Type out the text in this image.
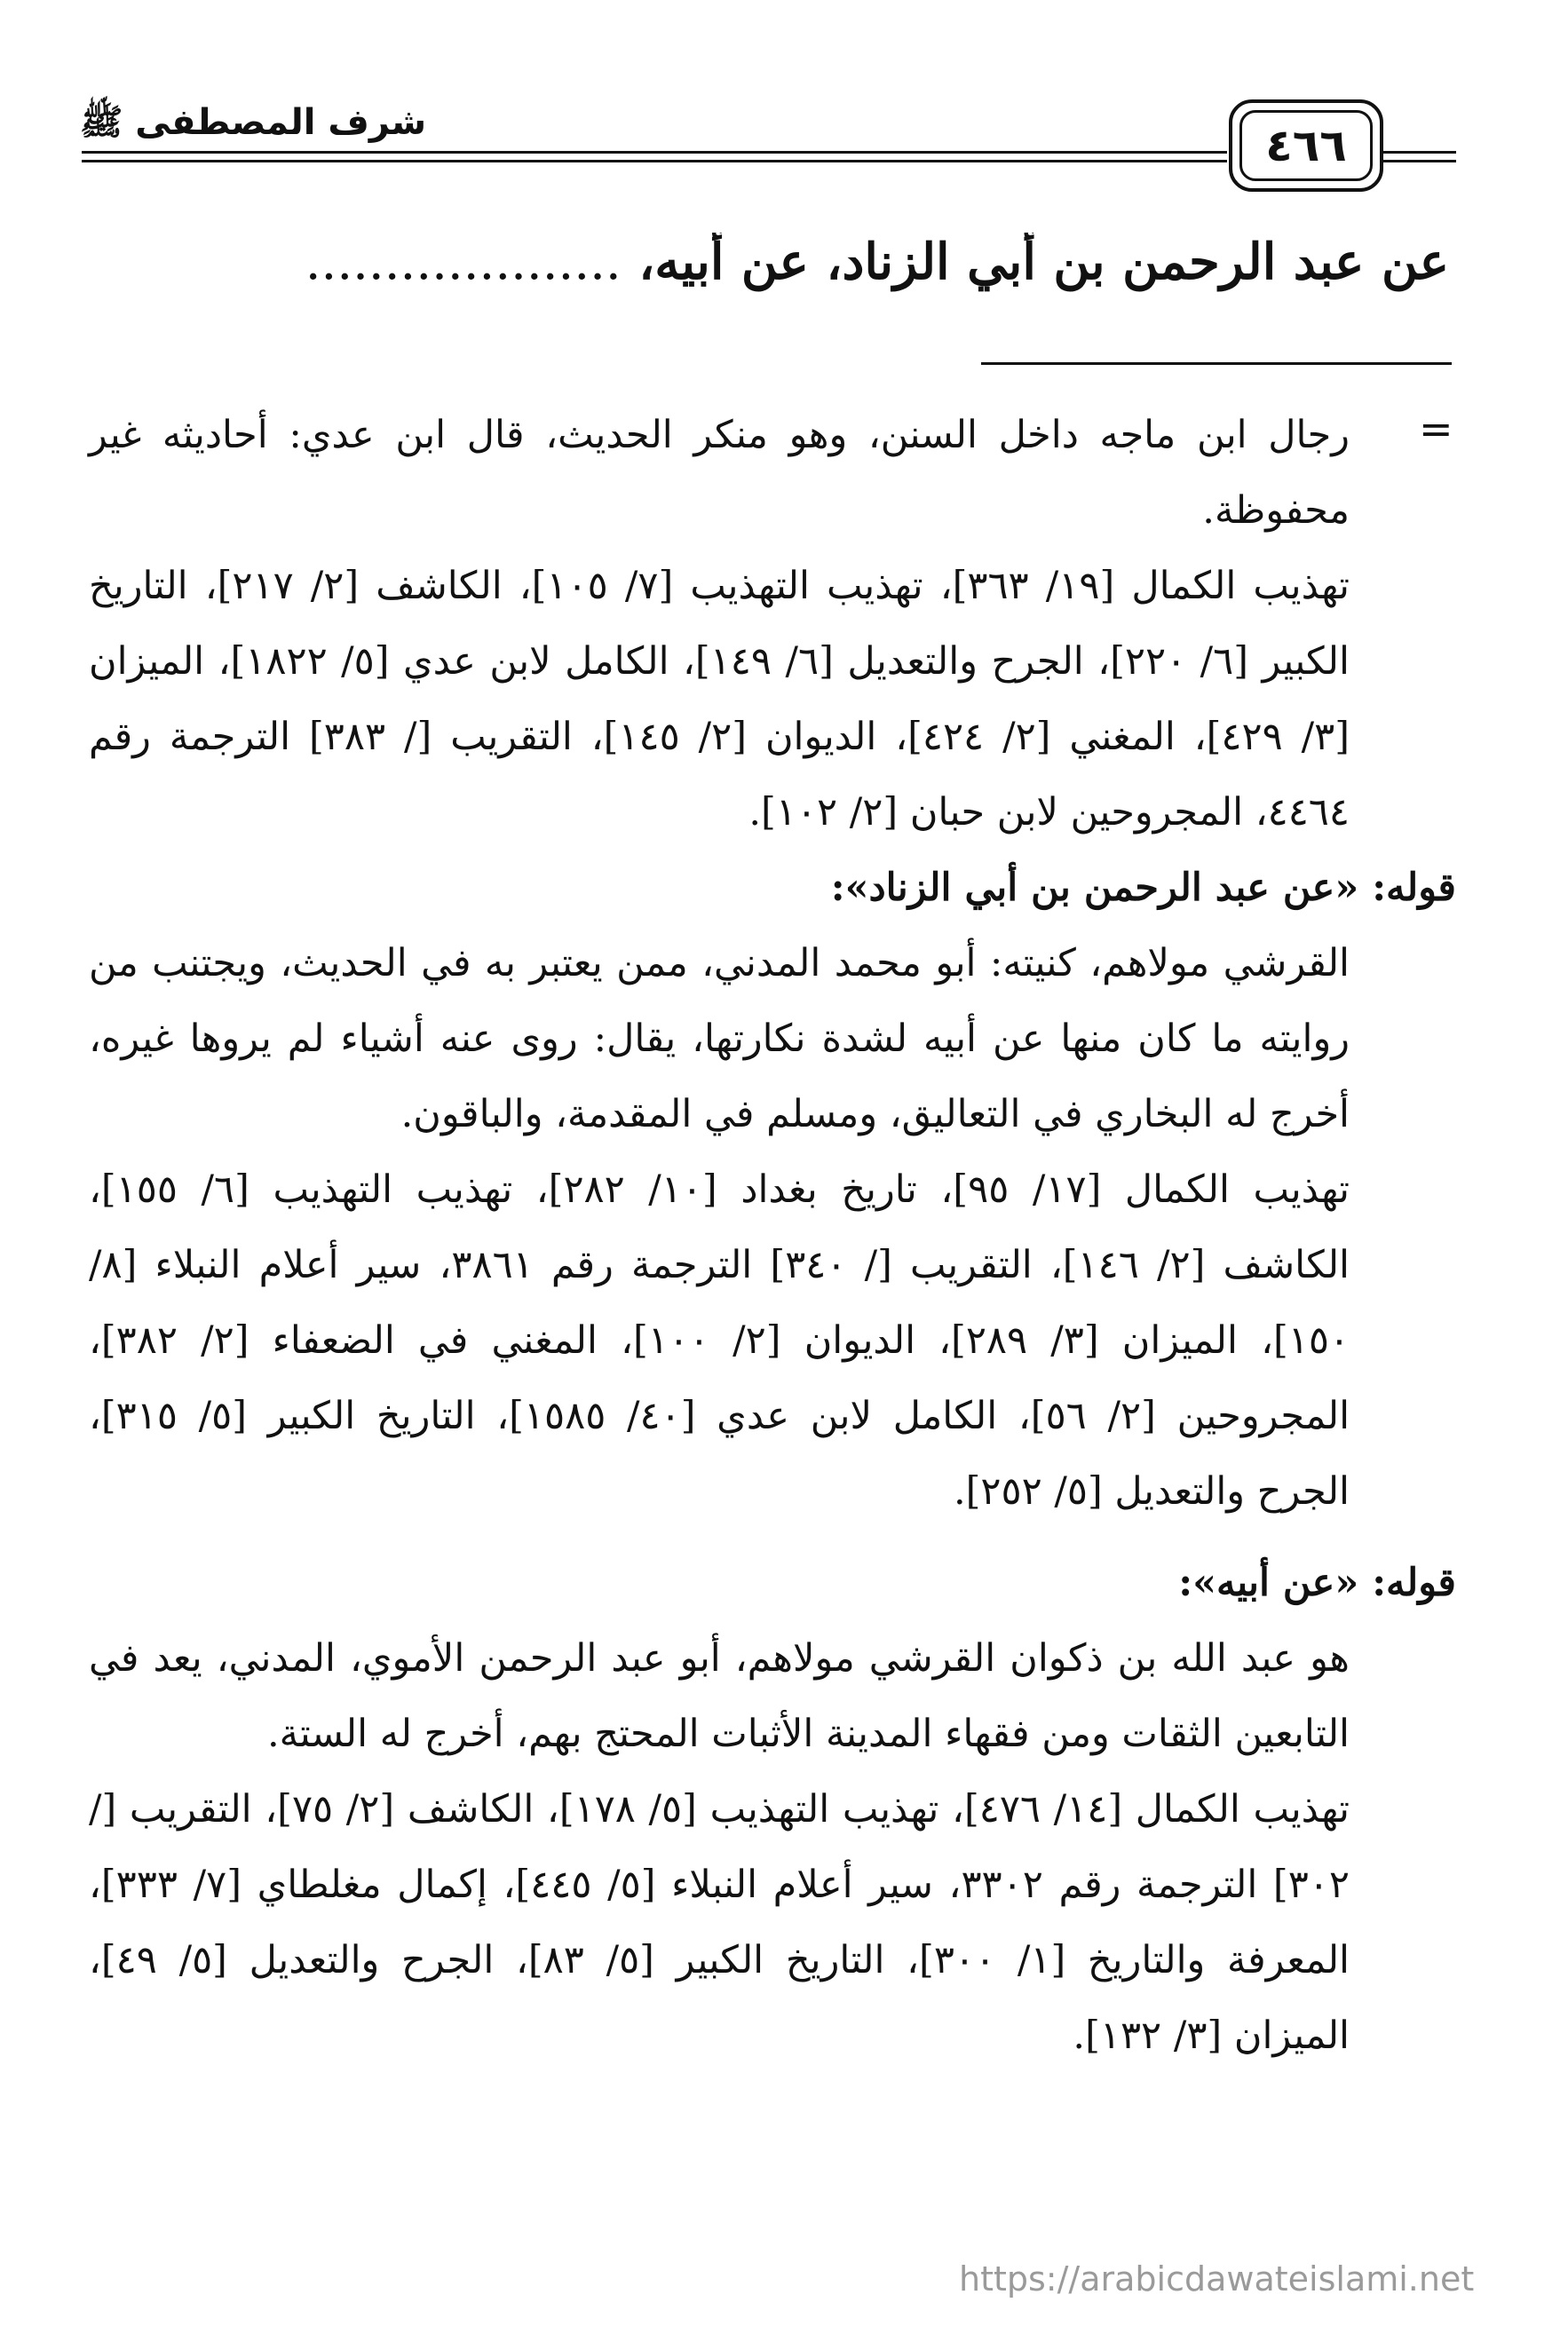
شرف المصطفى ﷺ	٤٦٦
عن عبد الرحمن بن أبي الزناد، عن أبيه، ....................
=

رجال ابن ماجه داخل السنن، وهو منكر الحديث، قال ابن عدي: أحاديثه غير محفوظة.

تهذيب الكمال [١٩/ ٣٦٣]، تهذيب التهذيب [٧/ ١٠٥]، الكاشف [٢/ ٢١٧]، التاريخ الكبير [٦/ ٢٢٠]، الجرح والتعديل [٦/ ١٤٩]، الكامل لابن عدي [٥/ ١٨٢٢]، الميزان [٣/ ٤٢٩]، المغني [٢/ ٤٢٤]، الديوان [٢/ ١٤٥]، التقريب [/ ٣٨٣] الترجمة رقم ٤٤٦٤، المجروحين لابن حبان [٢/ ١٠٢].

قوله: «عن عبد الرحمن بن أبي الزناد»:

القرشي مولاهم، كنيته: أبو محمد المدني، ممن يعتبر به في الحديث، ويجتنب من روايته ما كان منها عن أبيه لشدة نكارتها، يقال: روى عنه أشياء لم يروها غيره، أخرج له البخاري في التعاليق، ومسلم في المقدمة، والباقون.

تهذيب الكمال [١٧/ ٩٥]، تاريخ بغداد [١٠/ ٢٨٢]، تهذيب التهذيب [٦/ ١٥٥]، الكاشف [٢/ ١٤٦]، التقريب [/ ٣٤٠] الترجمة رقم ٣٨٦١، سير أعلام النبلاء [٨/ ١٥٠]، الميزان [٣/ ٢٨٩]، الديوان [٢/ ١٠٠]، المغني في الضعفاء [٢/ ٣٨٢]، المجروحين [٢/ ٥٦]، الكامل لابن عدي [٤٠/ ١٥٨٥]، التاريخ الكبير [٥/ ٣١٥]، الجرح والتعديل [٥/ ٢٥٢].

قوله: «عن أبيه»:

هو عبد الله بن ذكوان القرشي مولاهم، أبو عبد الرحمن الأموي، المدني، يعد في التابعين الثقات ومن فقهاء المدينة الأثبات المحتج بهم، أخرج له الستة.

تهذيب الكمال [١٤/ ٤٧٦]، تهذيب التهذيب [٥/ ١٧٨]، الكاشف [٢/ ٧٥]، التقريب [/ ٣٠٢] الترجمة رقم ٣٣٠٢، سير أعلام النبلاء [٥/ ٤٤٥]، إكمال مغلطاي [٧/ ٣٣٣]، المعرفة والتاريخ [١/ ٣٠٠]، التاريخ الكبير [٥/ ٨٣]، الجرح والتعديل [٥/ ٤٩]، الميزان [٣/ ١٣٢].

https://arabicdawateislami.net
